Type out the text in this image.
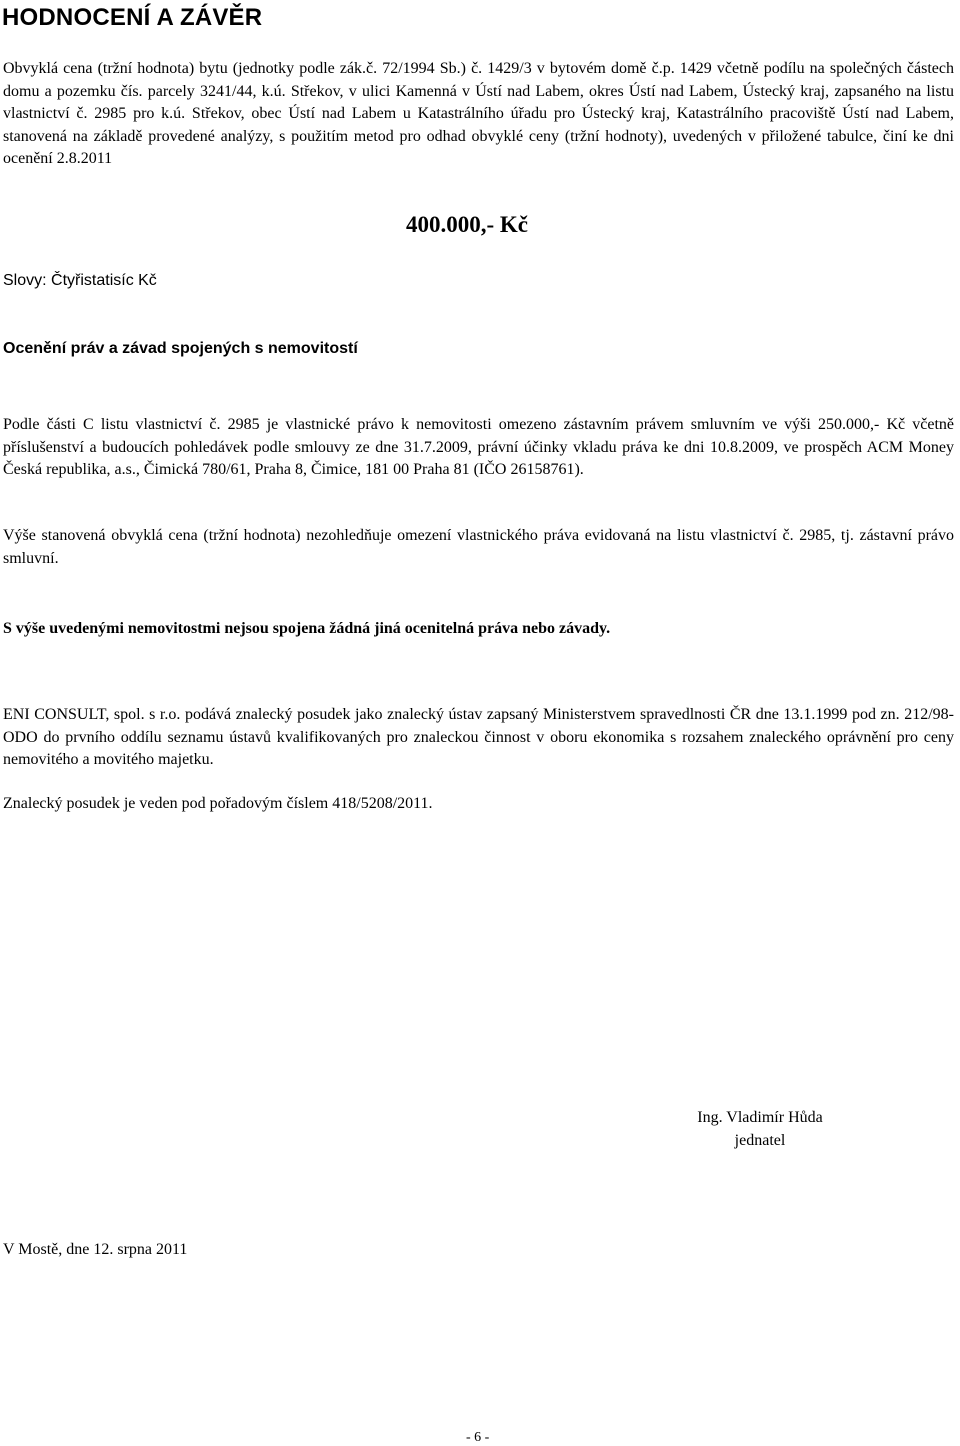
HODNOCENÍ A ZÁVĚR

Obvyklá cena (tržní hodnota) bytu (jednotky podle zák.č. 72/1994 Sb.) č. 1429/3 v bytovém domě č.p. 1429 včetně podílu na společných částech domu a pozemku čís. parcely 3241/44, k.ú. Střekov, v ulici Kamenná v Ústí nad Labem, okres Ústí nad Labem, Ústecký kraj, zapsaného na listu vlastnictví č. 2985 pro k.ú. Střekov, obec Ústí nad Labem u Katastrálního úřadu pro Ústecký kraj, Katastrálního pracoviště Ústí nad Labem, stanovená na základě provedené analýzy, s použitím metod pro odhad obvyklé ceny (tržní hodnoty), uvedených v přiložené tabulce, činí ke dni ocenění 2.8.2011

400.000,- Kč

Slovy: Čtyřistatisíc Kč

Ocenění práv a závad spojených s nemovitostí

Podle části C listu vlastnictví č. 2985 je vlastnické právo k nemovitosti omezeno zástavním právem smluvním ve výši 250.000,- Kč včetně příslušenství a budoucích pohledávek podle smlouvy ze dne 31.7.2009, právní účinky vkladu práva ke dni 10.8.2009, ve prospěch ACM Money Česká republika, a.s., Čimická 780/61, Praha 8, Čimice, 181 00 Praha 81 (IČO 26158761).

Výše stanovená obvyklá cena (tržní hodnota) nezohledňuje omezení vlastnického práva evidovaná na listu vlastnictví č. 2985, tj. zástavní právo smluvní.

S výše uvedenými nemovitostmi nejsou spojena žádná jiná ocenitelná práva nebo závady.

ENI CONSULT, spol. s r.o. podává znalecký posudek jako znalecký ústav zapsaný Ministerstvem spravedlnosti ČR dne 13.1.1999 pod zn. 212/98-ODO do prvního oddílu seznamu ústavů kvalifikovaných pro znaleckou činnost v oboru ekonomika s rozsahem znaleckého oprávnění pro ceny nemovitého a movitého majetku.

Znalecký posudek je veden pod pořadovým číslem 418/5208/2011.

Ing. Vladimír Hůda

jednatel

V Mostě, dne 12. srpna 2011

- 6 -
